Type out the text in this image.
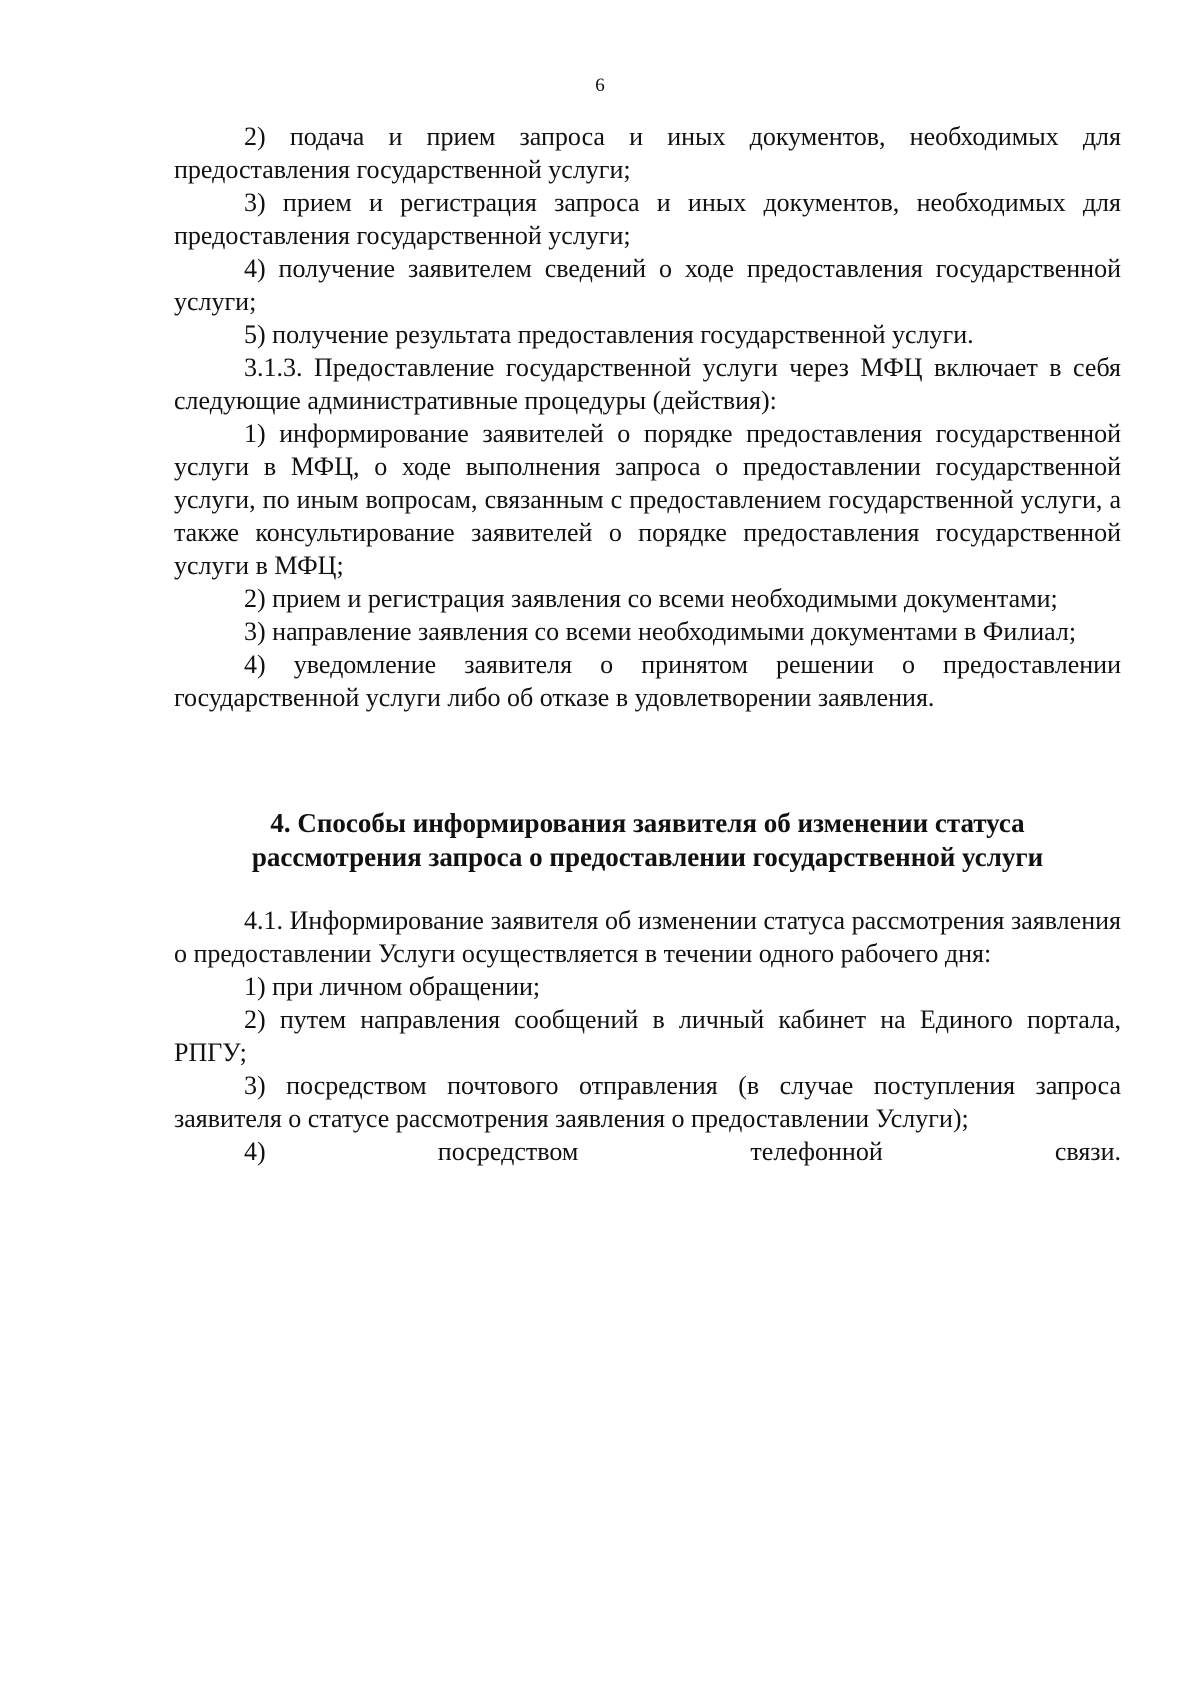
6

2) подача и прием запроса и иных документов, необходимых для предоставления государственной услуги;

3) прием и регистрация запроса и иных документов, необходимых для предоставления государственной услуги;

4) получение заявителем сведений о ходе предоставления государственной услуги;

5) получение результата предоставления государственной услуги.

3.1.3. Предоставление государственной услуги через МФЦ включает в себя следующие административные процедуры (действия):

1) информирование заявителей о порядке предоставления государственной услуги в МФЦ, о ходе выполнения запроса о предоставлении государственной услуги, по иным вопросам, связанным с предоставлением государственной услуги, а также консультирование заявителей о порядке предоставления государственной услуги в МФЦ;

2) прием и регистрация заявления со всеми необходимыми документами;

3) направление заявления со всеми необходимыми документами в Филиал;

4) уведомление заявителя о принятом решении о предоставлении государственной услуги либо об отказе в удовлетворении заявления.

4. Способы информирования заявителя об изменении статуса
рассмотрения запроса о предоставлении государственной услуги

4.1. Информирование заявителя об изменении статуса рассмотрения заявления о предоставлении Услуги осуществляется в течении одного рабочего дня:

1) при личном обращении;

2) путем направления сообщений в личный кабинет на Единого портала, РПГУ;

3) посредством почтового отправления (в случае поступления запроса заявителя о статусе рассмотрения заявления о предоставлении Услуги);

4) посредством телефонной связи.
